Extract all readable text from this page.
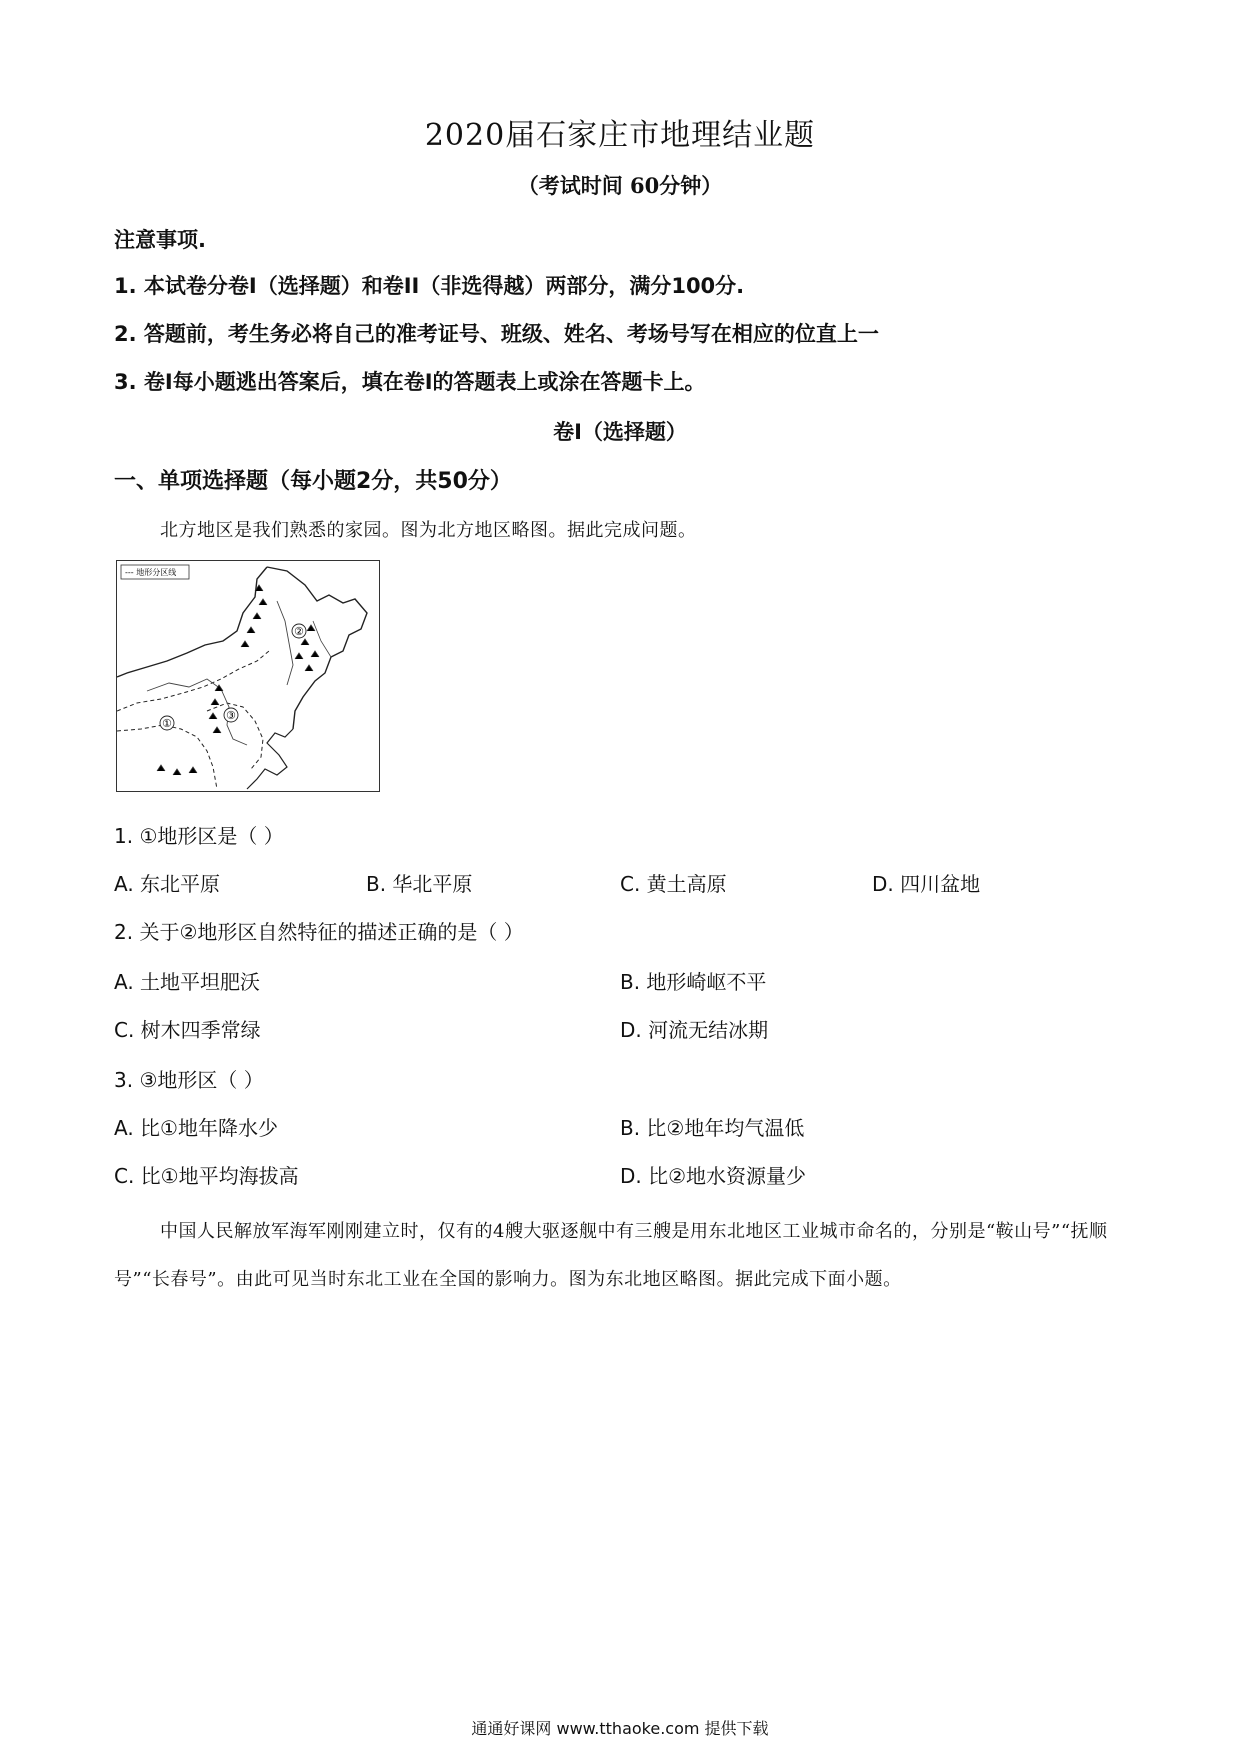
2020届石家庄市地理结业题
（考试时间 60分钟）
注意事项.
1. 本试卷分卷Ⅰ（选择题）和卷II（非选得越）两部分，满分100分.
2. 答题前，考生务必将自己的准考证号、班级、姓名、考场号写在相应的位直上一
3. 卷Ⅰ每小题逃出答案后，填在卷Ⅰ的答题表上或涂在答题卡上。
卷Ⅰ（选择题）
一、单项选择题（每小题2分，共50分）
北方地区是我们熟悉的家园。图为北方地区略图。据此完成问题。
--- 地形分区线
①
②
③
1. ①地形区是（ ）
A. 东北平原	B. 华北平原	C. 黄土高原	D. 四川盆地
2. 关于②地形区自然特征的描述正确的是（ ）
A. 土地平坦肥沃	B. 地形崎岖不平
C. 树木四季常绿	D. 河流无结冰期
3. ③地形区（ ）
A. 比①地年降水少	B. 比②地年均气温低
C. 比①地平均海拔高	D. 比②地水资源量少
中国人民解放军海军刚刚建立时，仅有的4艘大驱逐舰中有三艘是用东北地区工业城市命名的，分别是“鞍山号”“抚顺号”“长春号”。由此可见当时东北工业在全国的影响力。图为东北地区略图。据此完成下面小题。
通通好课网 www.tthaoke.com 提供下载
